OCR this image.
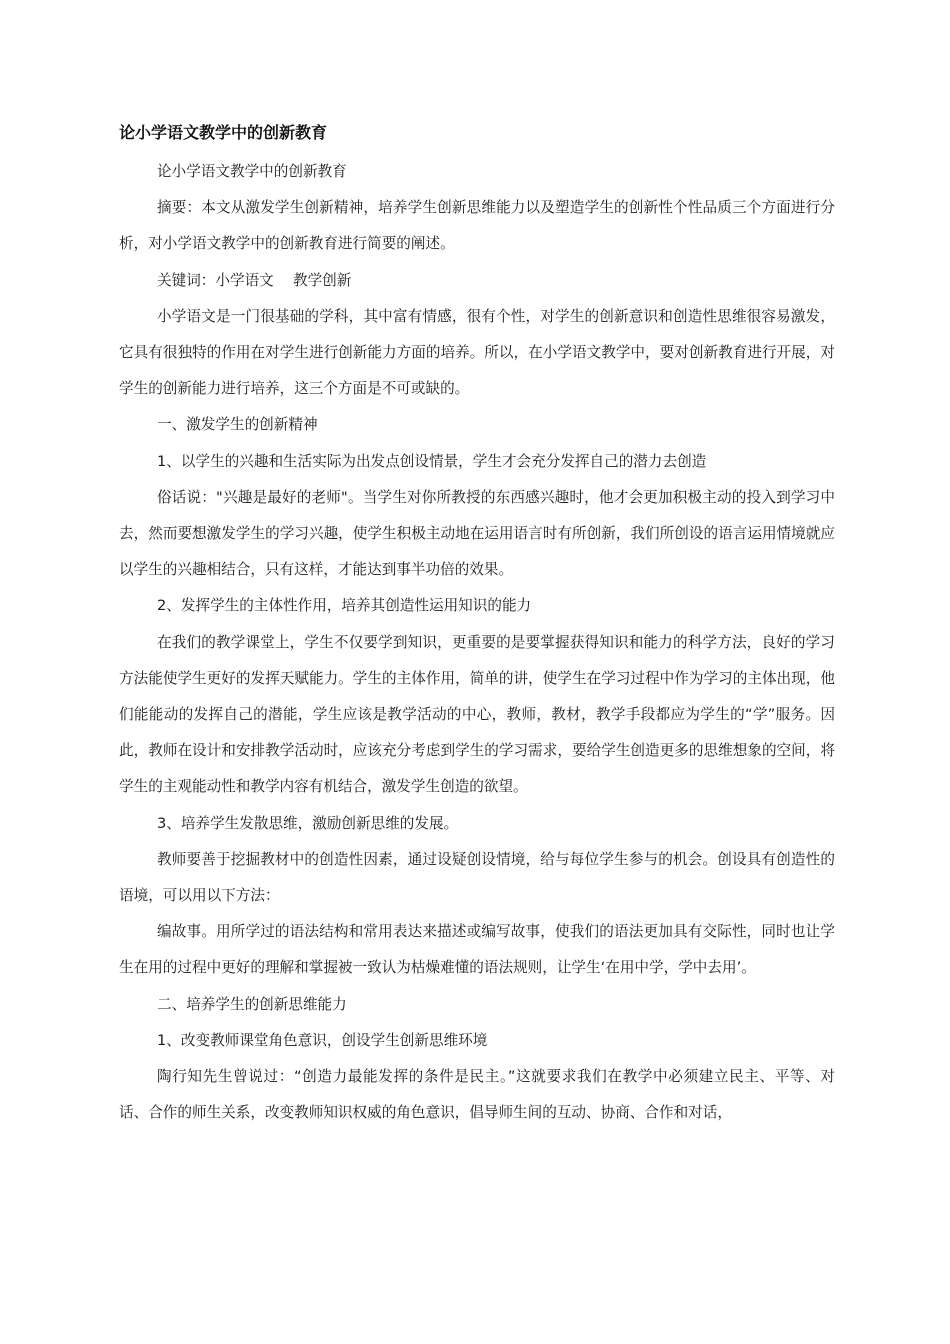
论小学语文教学中的创新教育

论小学语文教学中的创新教育

摘要：本文从激发学生创新精神，培养学生创新思维能力以及塑造学生的创新性个性品质三个方面进行分析，对小学语文教学中的创新教育进行简要的阐述。

关键词：小学语文　 教学创新

小学语文是一门很基础的学科，其中富有情感，很有个性，对学生的创新意识和创造性思维很容易激发，它具有很独特的作用在对学生进行创新能力方面的培养。所以，在小学语文教学中，要对创新教育进行开展，对学生的创新能力进行培养，这三个方面是不可或缺的。

一、激发学生的创新精神

1、以学生的兴趣和生活实际为出发点创设情景，学生才会充分发挥自己的潜力去创造

俗话说："兴趣是最好的老师"。当学生对你所教授的东西感兴趣时，他才会更加积极主动的投入到学习中去，然而要想激发学生的学习兴趣，使学生积极主动地在运用语言时有所创新，我们所创设的语言运用情境就应以学生的兴趣相结合，只有这样，才能达到事半功倍的效果。

2、发挥学生的主体性作用，培养其创造性运用知识的能力

在我们的教学课堂上，学生不仅要学到知识，更重要的是要掌握获得知识和能力的科学方法，良好的学习方法能使学生更好的发挥天赋能力。学生的主体作用，简单的讲，使学生在学习过程中作为学习的主体出现，他们能能动的发挥自己的潜能，学生应该是教学活动的中心，教师，教材，教学手段都应为学生的“学”服务。因此，教师在设计和安排教学活动时，应该充分考虑到学生的学习需求，要给学生创造更多的思维想象的空间，将学生的主观能动性和教学内容有机结合，激发学生创造的欲望。

3、培养学生发散思维，激励创新思维的发展。

教师要善于挖掘教材中的创造性因素，通过设疑创设情境，给与每位学生参与的机会。创设具有创造性的语境，可以用以下方法：

编故事。用所学过的语法结构和常用表达来描述或编写故事，使我们的语法更加具有交际性，同时也让学生在用的过程中更好的理解和掌握被一致认为枯燥难懂的语法规则，让学生‘在用中学，学中去用’。

二、培养学生的创新思维能力

1、改变教师课堂角色意识，创设学生创新思维环境

陶行知先生曾说过：“创造力最能发挥的条件是民主。”这就要求我们在教学中必须建立民主、平等、对话、合作的师生关系，改变教师知识权威的角色意识，倡导师生间的互动、协商、合作和对话，
